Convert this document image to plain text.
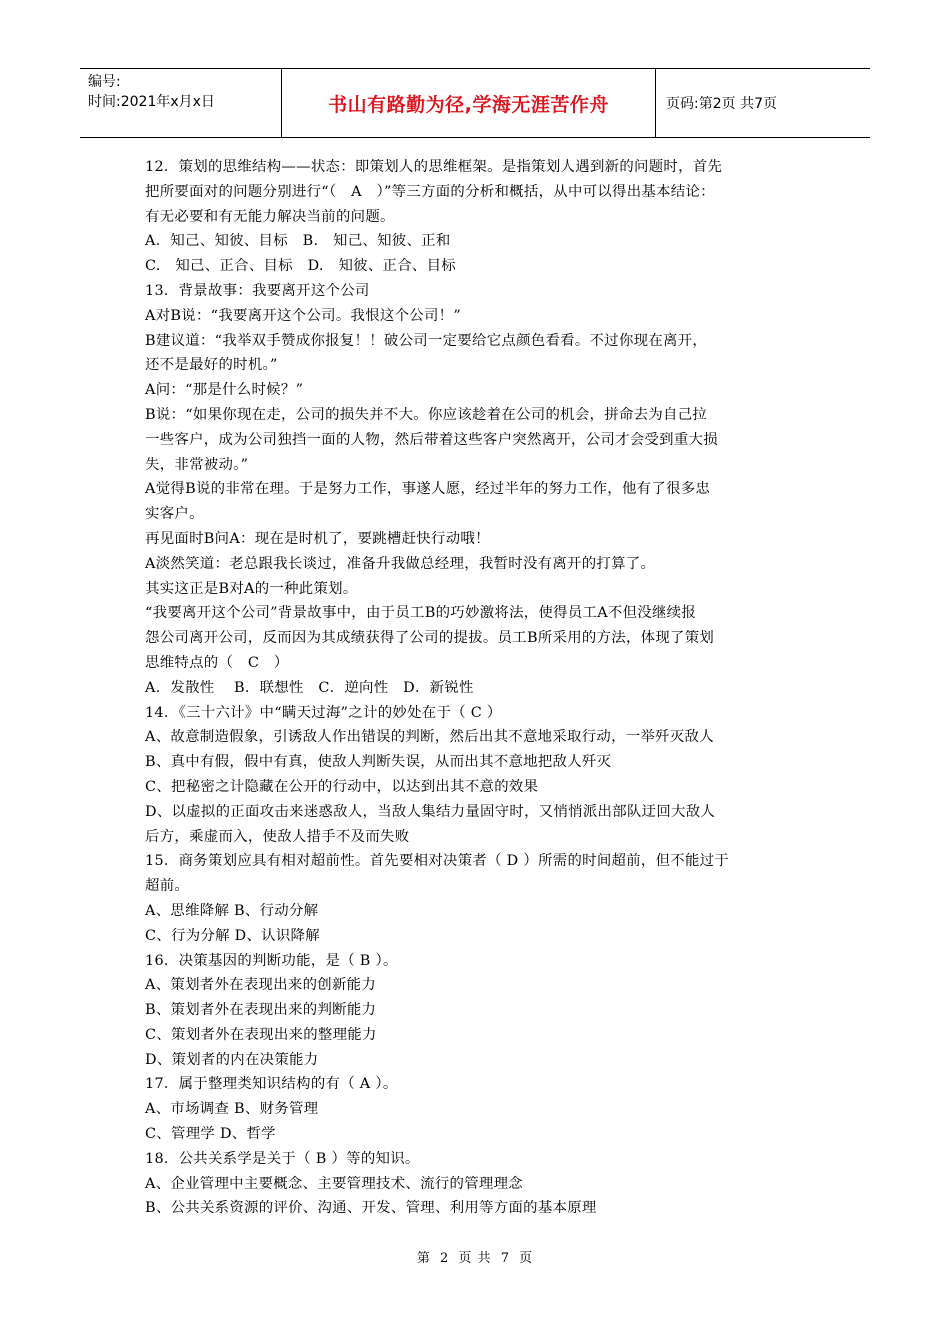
编号:
时间:2021年x月x日	书山有路勤为径,学海无涯苦作舟	页码:第2页 共7页
12．策划的思维结构——状态：即策划人的思维框架。是指策划人遇到新的问题时，首先
把所要面对的问题分别进行“（　A　）”等三方面的分析和概括，从中可以得出基本结论：
有无必要和有无能力解决当前的问题。
A．知己、知彼、目标　B.　知己、知彼、正和
C.　知己、正合、目标　D.　知彼、正合、目标
13．背景故事：我要离开这个公司
A对B说：“我要离开这个公司。我恨这个公司！”
B建议道：“我举双手赞成你报复！！破公司一定要给它点颜色看看。不过你现在离开，
还不是最好的时机。”
A问：“那是什么时候？”
B说：“如果你现在走，公司的损失并不大。你应该趁着在公司的机会，拼命去为自己拉
一些客户，成为公司独挡一面的人物，然后带着这些客户突然离开，公司才会受到重大损
失，非常被动。”
A觉得B说的非常在理。于是努力工作，事遂人愿，经过半年的努力工作，他有了很多忠
实客户。
再见面时B问A：现在是时机了，要跳槽赶快行动哦！
A淡然笑道：老总跟我长谈过，准备升我做总经理，我暂时没有离开的打算了。
其实这正是B对A的一种此策划。
“我要离开这个公司”背景故事中，由于员工B的巧妙激将法，使得员工A不但没继续报
怨公司离开公司，反而因为其成绩获得了公司的提拔。员工B所采用的方法，体现了策划
思维特点的（　C　）
A．发散性　 B．联想性　C．逆向性　D．新锐性
14．《三十六计》中“瞒天过海”之计的妙处在于（ C ）
A、故意制造假象，引诱敌人作出错误的判断，然后出其不意地采取行动，一举歼灭敌人
B、真中有假，假中有真，使敌人判断失误，从而出其不意地把敌人歼灭
C、把秘密之计隐藏在公开的行动中，以达到出其不意的效果
D、以虚拟的正面攻击来迷惑敌人，当敌人集结力量固守时，又悄悄派出部队迂回大敌人
后方，乘虚而入，使敌人措手不及而失败
15．商务策划应具有相对超前性。首先要相对决策者（ D ）所需的时间超前，但不能过于
超前。
A、思维降解 B、行动分解
C、行为分解 D、认识降解
16．决策基因的判断功能，是（ B ）。
A、策划者外在表现出来的创新能力
B、策划者外在表现出来的判断能力
C、策划者外在表现出来的整理能力
D、策划者的内在决策能力
17．属于整理类知识结构的有（ A ）。
A、市场调查 B、财务管理
C、管理学 D、哲学
18．公共关系学是关于（ B ）等的知识。
A、企业管理中主要概念、主要管理技术、流行的管理理念
B、公共关系资源的评价、沟通、开发、管理、利用等方面的基本原理
第 2 页 共 7 页
